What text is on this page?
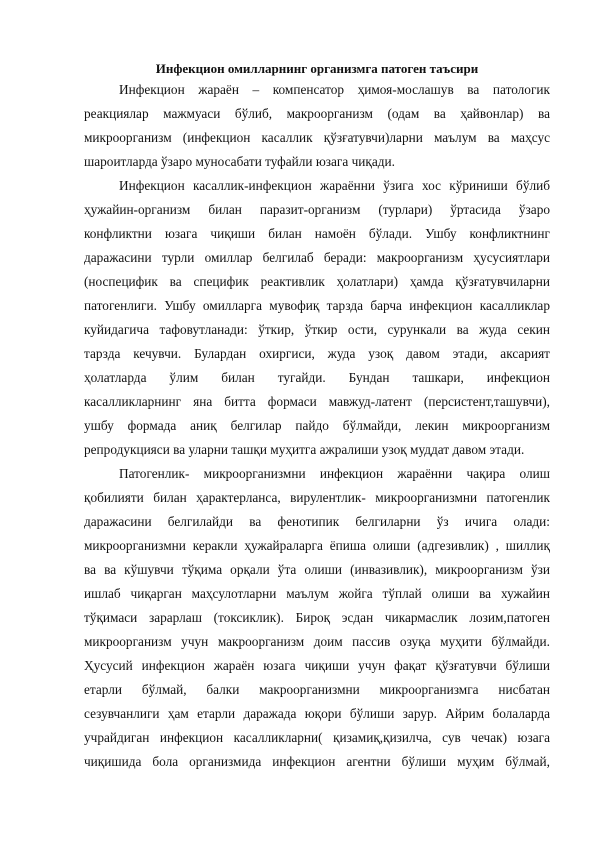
Инфекцион омилларнинг организмга патоген таъсири
Инфекцион жараён – компенсатор ҳимоя-мослашув ва патологик
реакциялар мажмуаси бўлиб, макроорганизм (одам ва ҳайвонлар) ва
микроорганизм (инфекцион касаллик қўзғатувчи)ларни маълум ва маҳсус
шароитларда ўзаро муносабати туфайли юзага чиқади.
Инфекцион касаллик-инфекцион жараённи ўзига хос кўриниши бўлиб
ҳужайин-организм билан паразит-организм (турлари) ўртасида ўзаро
конфликтни юзага чиқиши билан намоён бўлади. Ушбу конфликтнинг
даражасини турли омиллар белгилаб беради: макроорганизм ҳусусиятлари
(носпецифик ва специфик реактивлик ҳолатлари) ҳамда қўзғатувчиларни
патогенлиги. Ушбу омилларга мувофиқ тарзда барча инфекцион касалликлар
куйидагича тафовутланади: ўткир, ўткир ости, сурункали ва жуда секин
тарзда кечувчи. Булардан охиргиси, жуда узоқ давом этади, аксарият
ҳолатларда ўлим билан тугайди. Бундан ташкари, инфекцион
касалликларнинг яна битта формаси мавжуд-латент (персистент,ташувчи),
ушбу формада аниқ белгилар пайдо бўлмайди, лекин микроорганизм
репродукцияси ва уларни ташқи муҳитга ажралиши узоқ муддат давом этади.
Патогенлик- микроорганизмни инфекцион жараённи чақира олиш
қобилияти билан ҳарактерланса, вирулентлик- микроорганизмни патогенлик
даражасини белгилайди ва фенотипик белгиларни ўз ичига олади:
микроорганизмни керакли ҳужайраларга ёпиша олиши (адгезивлик) , шиллиқ
ва ва кўшувчи тўқима орқали ўта олиши (инвазивлик), микроорганизм ўзи
ишлаб чиқарган маҳсулотларни маълум жойга тўплай олиши ва хужайин
тўқимаси зарарлаш (токсиклик). Бироқ эсдан чикармаслик лозим,патоген
микроорганизм учун макроорганизм доим пассив озуқа муҳити бўлмайди.
Ҳусусий инфекцион жараён юзага чиқиши учун фақат қўзғатувчи бўлиши
етарли бўлмай, балки макроорганизмни микроорганизмга нисбатан
сезувчанлиги ҳам етарли даражада юқори бўлиши зарур. Айрим болаларда
учрайдиган инфекцион касалликларни( қизамиқ,қизилча, сув чечак) юзага
чиқишида бола организмида инфекцион агентни бўлиши муҳим бўлмай,
